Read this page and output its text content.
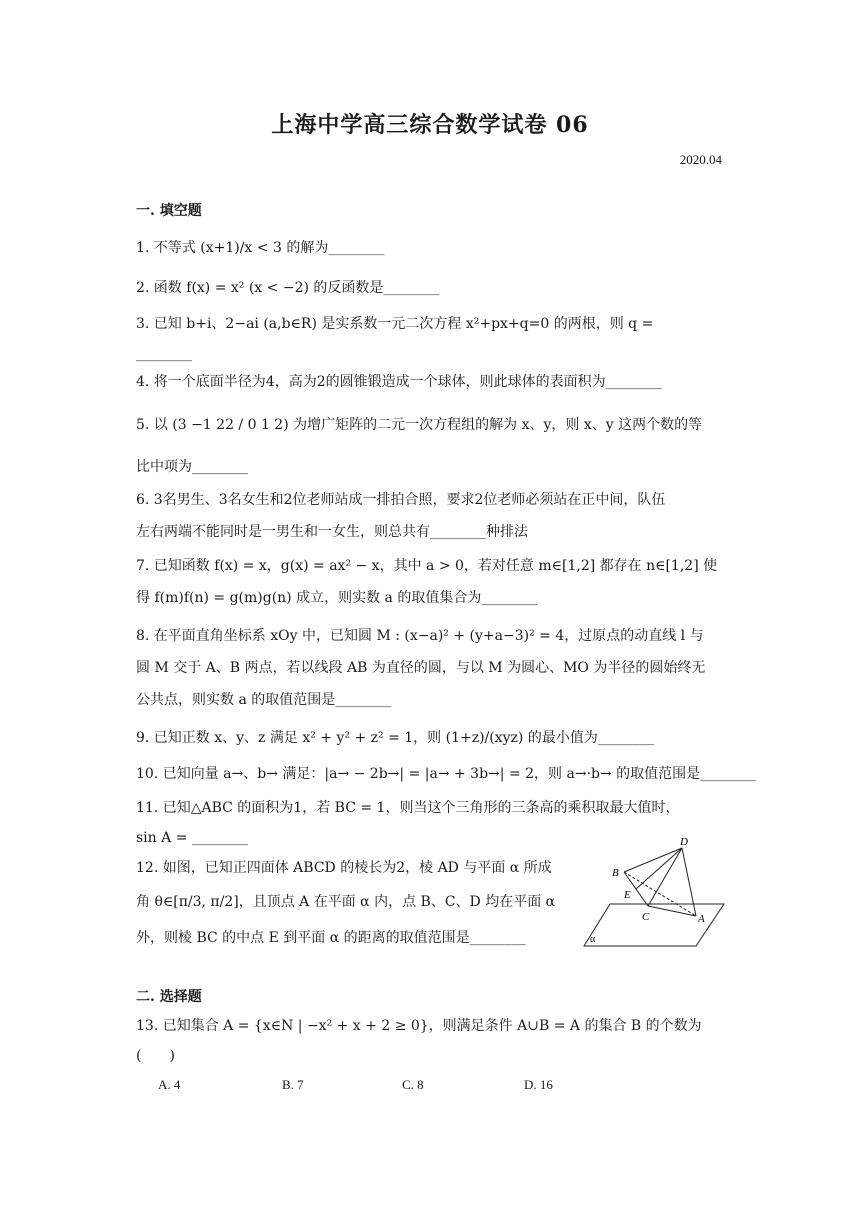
上海中学高三综合数学试卷 06
2020.04
一. 填空题
1. 不等式 (x+1)/x < 3 的解为________
2. 函数 f(x) = x² (x < −2) 的反函数是________
3. 已知 b+i、2−ai (a,b∈R) 是实系数一元二次方程 x²+px+q=0 的两根，则 q =
________
4. 将一个底面半径为4，高为2的圆锥锻造成一个球体，则此球体的表面积为________
5. 以 (3 −1 22 / 0 1 2) 为增广矩阵的二元一次方程组的解为 x、y，则 x、y 这两个数的等
比中项为________
6. 3名男生、3名女生和2位老师站成一排拍合照，要求2位老师必须站在正中间，队伍
左右两端不能同时是一男生和一女生，则总共有________种排法
7. 已知函数 f(x) = x，g(x) = ax² − x，其中 a > 0，若对任意 m∈[1,2] 都存在 n∈[1,2] 使
得 f(m)f(n) = g(m)g(n) 成立，则实数 a 的取值集合为________
8. 在平面直角坐标系 xOy 中，已知圆 M : (x−a)² + (y+a−3)² = 4，过原点的动直线 l 与
圆 M 交于 A、B 两点，若以线段 AB 为直径的圆，与以 M 为圆心、MO 为半径的圆始终无
公共点，则实数 a 的取值范围是________
9. 已知正数 x、y、z 满足 x² + y² + z² = 1，则 (1+z)/(xyz) 的最小值为________
10. 已知向量 a→、b→ 满足：|a→ − 2b→| = |a→ + 3b→| = 2，则 a→·b→ 的取值范围是________
11. 已知△ABC 的面积为1，若 BC = 1，则当这个三角形的三条高的乘积取最大值时，
sin A = ________
12. 如图，已知正四面体 ABCD 的棱长为2，棱 AD 与平面 α 所成
角 θ∈[π/3, π/2]，且顶点 A 在平面 α 内，点 B、C、D 均在平面 α
外，则棱 BC 的中点 E 到平面 α 的距离的取值范围是________
D
B
E
C	A
α
二. 选择题
13. 已知集合 A = {x∈N | −x² + x + 2 ≥ 0}，则满足条件 A∪B = A 的集合 B 的个数为
(　　)
A. 4	B. 7	C. 8	D. 16
